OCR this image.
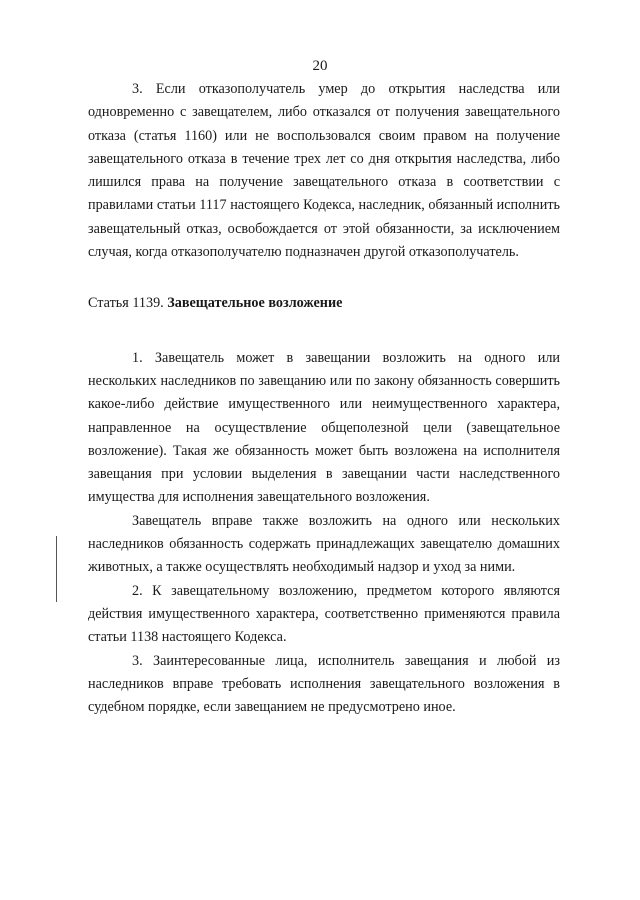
20

3. Если отказополучатель умер до открытия наследства или одновременно с завещателем, либо отказался от получения завещательного отказа (статья 1160) или не воспользовался своим правом на получение завещательного отказа в течение трех лет со дня открытия наследства, либо лишился права на получение завещательного отказа в соответствии с правилами статьи 1117 настоящего Кодекса, наследник, обязанный исполнить завещательный отказ, освобождается от этой обязанности, за исключением случая, когда отказополучателю подназначен другой отказополучатель.

Статья 1139. Завещательное возложение

1. Завещатель может в завещании возложить на одного или нескольких наследников по завещанию или по закону обязанность совершить какое-либо действие имущественного или неимущественного характера, направленное на осуществление общеполезной цели (завещательное возложение). Такая же обязанность может быть возложена на исполнителя завещания при условии выделения в завещании части наследственного имущества для исполнения завещательного возложения.

Завещатель вправе также возложить на одного или нескольких наследников обязанность содержать принадлежащих завещателю домашних животных, а также осуществлять необходимый надзор и уход за ними.

2. К завещательному возложению, предметом которого являются действия имущественного характера, соответственно применяются правила статьи 1138 настоящего Кодекса.

3. Заинтересованные лица, исполнитель завещания и любой из наследников вправе требовать исполнения завещательного возложения в судебном порядке, если завещанием не предусмотрено иное.
